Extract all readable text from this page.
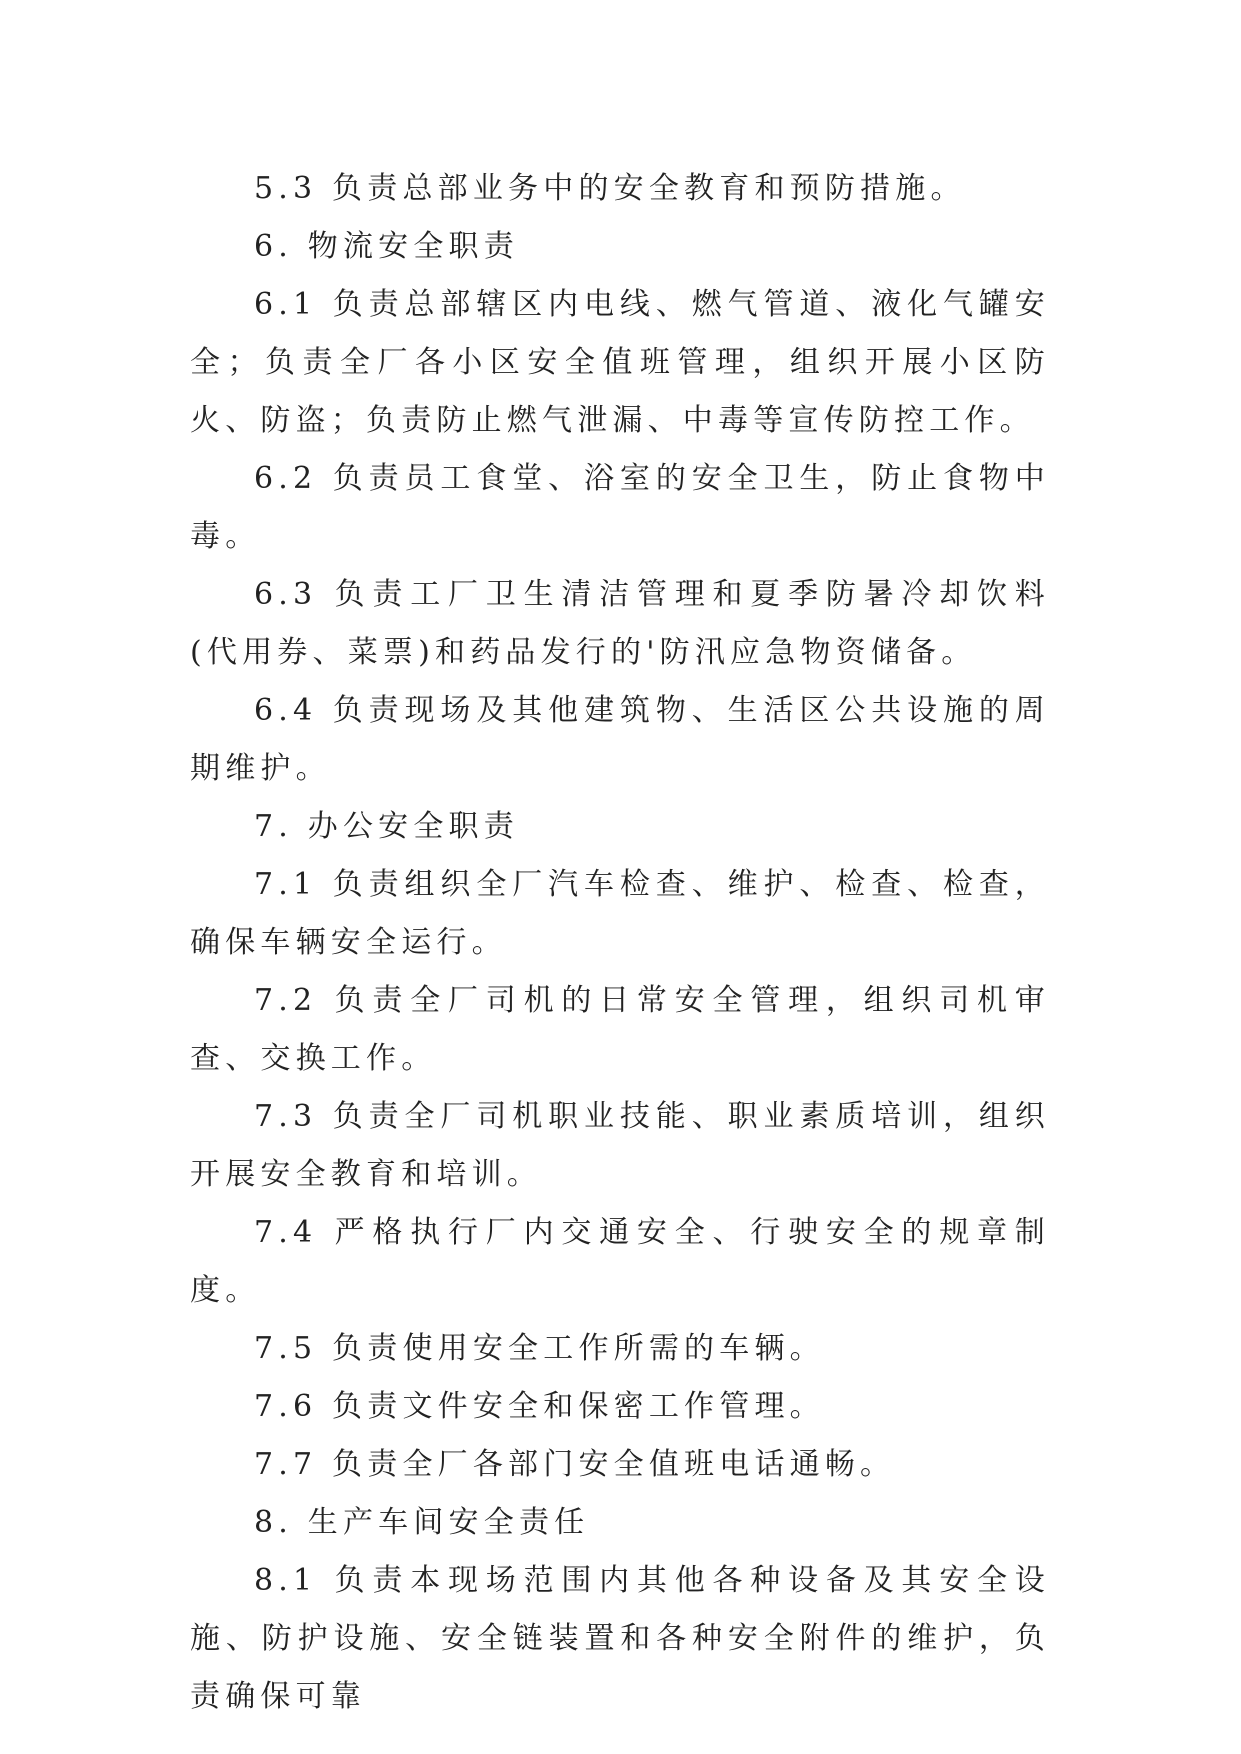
5.3 负责总部业务中的安全教育和预防措施。

6. 物流安全职责

6.1 负责总部辖区内电线、燃气管道、液化气罐安全；负责全厂各小区安全值班管理，组织开展小区防火、防盗；负责防止燃气泄漏、中毒等宣传防控工作。

6.2 负责员工食堂、浴室的安全卫生，防止食物中毒。

6.3 负责工厂卫生清洁管理和夏季防暑冷却饮料(代用券、菜票)和药品发行的'防汛应急物资储备。

6.4 负责现场及其他建筑物、生活区公共设施的周期维护。

7. 办公安全职责

7.1 负责组织全厂汽车检查、维护、检查、检查，确保车辆安全运行。

7.2 负责全厂司机的日常安全管理，组织司机审查、交换工作。

7.3 负责全厂司机职业技能、职业素质培训，组织开展安全教育和培训。

7.4 严格执行厂内交通安全、行驶安全的规章制度。

7.5 负责使用安全工作所需的车辆。

7.6 负责文件安全和保密工作管理。

7.7 负责全厂各部门安全值班电话通畅。

8. 生产车间安全责任

8.1 负责本现场范围内其他各种设备及其安全设施、防护设施、安全链装置和各种安全附件的维护，负责确保可靠
